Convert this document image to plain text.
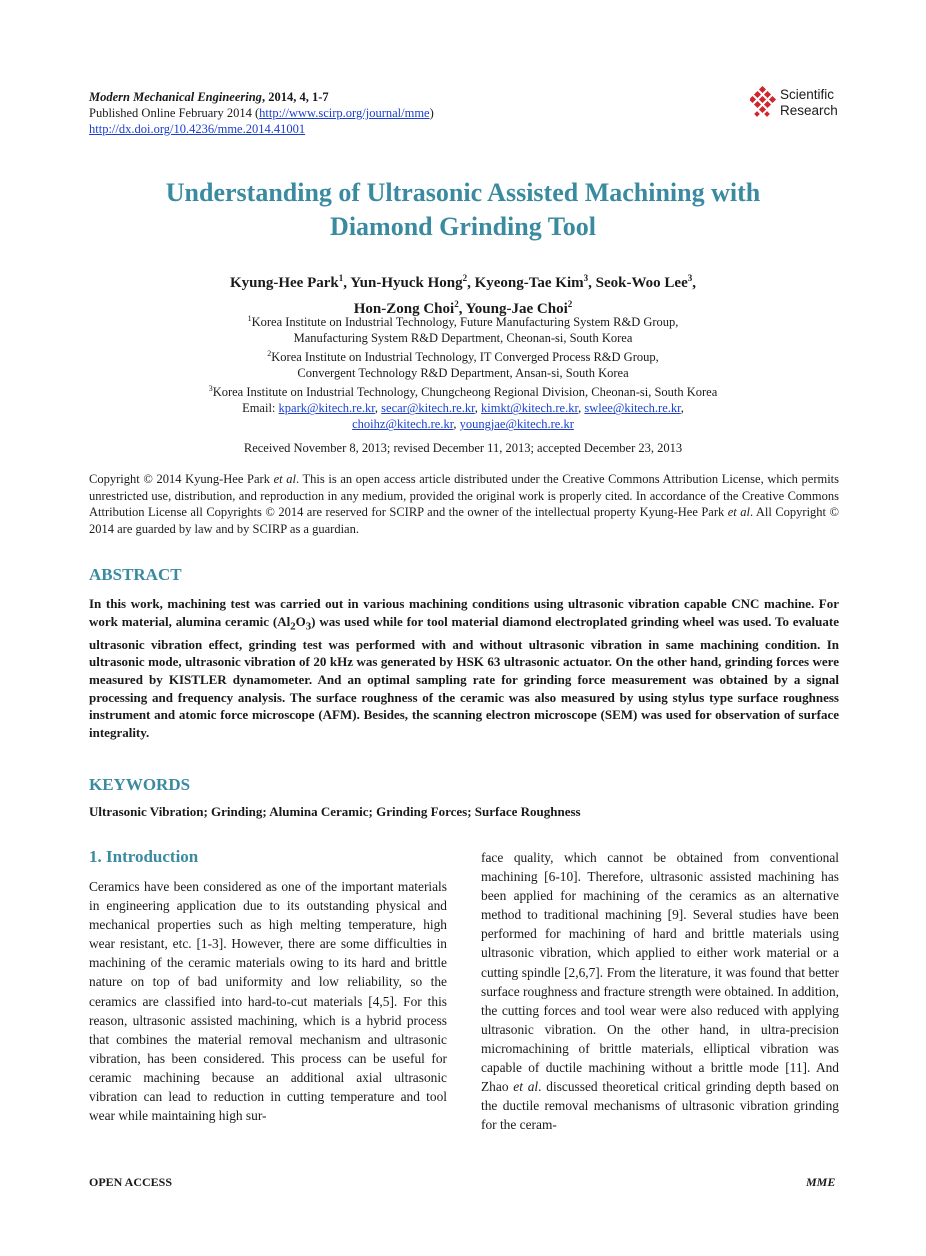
Modern Mechanical Engineering, 2014, 4, 1-7
Published Online February 2014 (http://www.scirp.org/journal/mme)
http://dx.doi.org/10.4236/mme.2014.41001
Scientific
Research
Understanding of Ultrasonic Assisted Machining with
Diamond Grinding Tool
Kyung-Hee Park$^1$, Yun-Hyuck Hong$^2$, Kyeong-Tae Kim$^3$, Seok-Woo Lee$^3$,
Hon-Zong Choi$^2$, Young-Jae Choi$^2$
$^1$Korea Institute on Industrial Technology, Future Manufacturing System R&D Group,
Manufacturing System R&D Department, Cheonan-si, South Korea
$^2$Korea Institute on Industrial Technology, IT Converged Process R&D Group,
Convergent Technology R&D Department, Ansan-si, South Korea
$^3$Korea Institute on Industrial Technology, Chungcheong Regional Division, Cheonan-si, South Korea
Email: kpark@kitech.re.kr, secar@kitech.re.kr, kimkt@kitech.re.kr, swlee@kitech.re.kr,
choihz@kitech.re.kr, youngjae@kitech.re.kr
Received November 8, 2013; revised December 11, 2013; accepted December 23, 2013
Copyright © 2014 Kyung-Hee Park et al. This is an open access article distributed under the Creative Commons Attribution License, which permits unrestricted use, distribution, and reproduction in any medium, provided the original work is properly cited. In accordance of the Creative Commons Attribution License all Copyrights © 2014 are reserved for SCIRP and the owner of the intellectual property Kyung-Hee Park et al. All Copyright © 2014 are guarded by law and by SCIRP as a guardian.
ABSTRACT
In this work, machining test was carried out in various machining conditions using ultrasonic vibration capable CNC machine. For work material, alumina ceramic $(Al_2O_3)$ was used while for tool material diamond electroplated grinding wheel was used. To evaluate ultrasonic vibration effect, grinding test was performed with and without ultrasonic vibration in same machining condition. In ultrasonic mode, ultrasonic vibration of 20 kHz was generated by HSK 63 ultrasonic actuator. On the other hand, grinding forces were measured by KISTLER dynamometer. And an optimal sampling rate for grinding force measurement was obtained by a signal processing and frequency analysis. The surface roughness of the ceramic was also measured by using stylus type surface roughness instrument and atomic force microscope (AFM). Besides, the scanning electron microscope (SEM) was used for observation of surface integrality.
KEYWORDS
Ultrasonic Vibration; Grinding; Alumina Ceramic; Grinding Forces; Surface Roughness
1. Introduction
Ceramics have been considered as one of the important materials in engineering application due to its outstanding physical and mechanical properties such as high melting temperature, high wear resistant, etc. [1-3]. However, there are some difficulties in machining of the ceramic materials owing to its hard and brittle nature on top of bad uniformity and low reliability, so the ceramics are classified into hard-to-cut materials [4,5]. For this reason, ultrasonic assisted machining, which is a hybrid process that combines the material removal mechanism and ultrasonic vibration, has been considered. This process can be useful for ceramic machining because an additional axial ultrasonic vibration can lead to reduction in cutting temperature and tool wear while maintaining high sur-
face quality, which cannot be obtained from conventional machining [6-10]. Therefore, ultrasonic assisted machining has been applied for machining of the ceramics as an alternative method to traditional machining [9]. Several studies have been performed for machining of hard and brittle materials using ultrasonic vibration, which applied to either work material or a cutting spindle [2,6,7]. From the literature, it was found that better surface roughness and fracture strength were obtained. In addition, the cutting forces and tool wear were also reduced with applying ultrasonic vibration. On the other hand, in ultra-precision micromachining of brittle materials, elliptical vibration was capable of ductile machining without a brittle mode [11]. And Zhao et al. discussed theoretical critical grinding depth based on the ductile removal mechanisms of ultrasonic vibration grinding for the ceram-
OPEN ACCESS	MME
